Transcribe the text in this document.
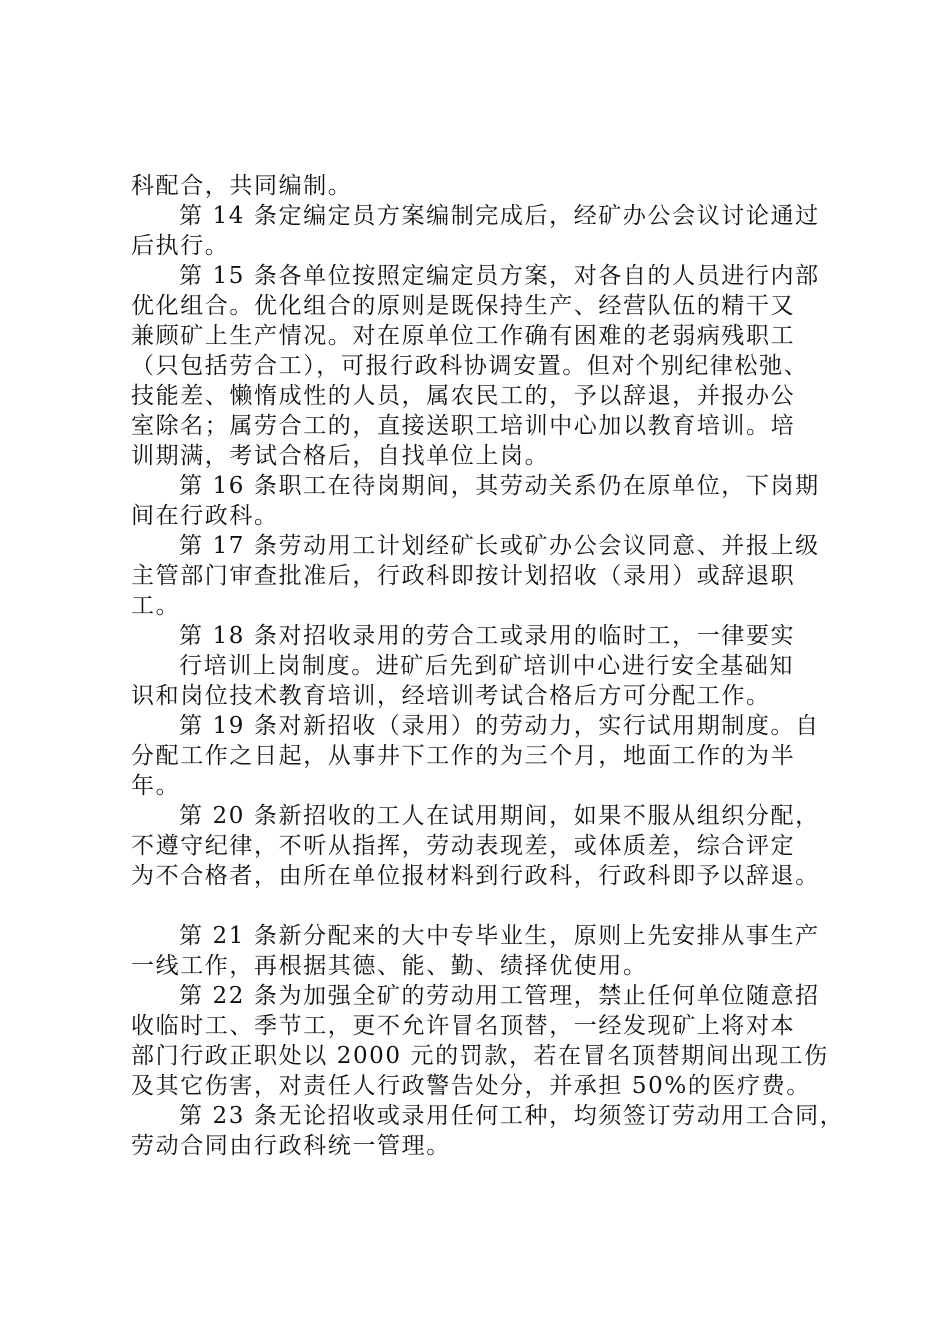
科配合，共同编制。

第 14 条定编定员方案编制完成后，经矿办公会议讨论通过
后执行。

第 15 条各单位按照定编定员方案，对各自的人员进行内部
优化组合。优化组合的原则是既保持生产、经营队伍的精干又
兼顾矿上生产情况。对在原单位工作确有困难的老弱病残职工
（只包括劳合工），可报行政科协调安置。但对个别纪律松弛、
技能差、懒惰成性的人员，属农民工的，予以辞退，并报办公
室除名；属劳合工的，直接送职工培训中心加以教育培训。培
训期满，考试合格后，自找单位上岗。

第 16 条职工在待岗期间，其劳动关系仍在原单位，下岗期
间在行政科。

第 17 条劳动用工计划经矿长或矿办公会议同意、并报上级
主管部门审查批准后，行政科即按计划招收（录用）或辞退职
工。

第 18 条对招收录用的劳合工或录用的临时工，一律要实
行培训上岗制度。进矿后先到矿培训中心进行安全基础知
识和岗位技术教育培训，经培训考试合格后方可分配工作。

第 19 条对新招收（录用）的劳动力，实行试用期制度。自
分配工作之日起，从事井下工作的为三个月，地面工作的为半
年。

第 20 条新招收的工人在试用期间，如果不服从组织分配，
不遵守纪律，不听从指挥，劳动表现差，或体质差，综合评定
为不合格者，由所在单位报材料到行政科，行政科即予以辞退。

第 21 条新分配来的大中专毕业生，原则上先安排从事生产
一线工作，再根据其德、能、勤、绩择优使用。

第 22 条为加强全矿的劳动用工管理，禁止任何单位随意招
收临时工、季节工，更不允许冒名顶替，一经发现矿上将对本
部门行政正职处以 2000 元的罚款，若在冒名顶替期间出现工伤
及其它伤害，对责任人行政警告处分，并承担 50%的医疗费。

第 23 条无论招收或录用任何工种，均须签订劳动用工合同，
劳动合同由行政科统一管理。
